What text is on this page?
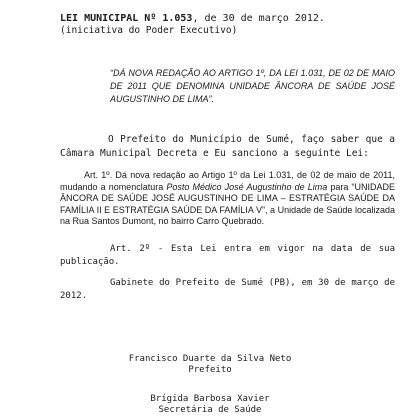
LEI MUNICIPAL Nº 1.053, de 30 de março 2012.
(iniciativa do Poder Executivo)
“DÁ NOVA REDAÇÃO AO ARTIGO 1º, DA LEI 1.031, DE 02 DE MAIO DE 2011 QUE DENOMINA UNIDADE ÂNCORA DE SAÚDE JOSÉ AUGUSTINHO DE LIMA”.
O Prefeito do Município de Sumé, faço saber que a Câmara Municipal Decreta e Eu sanciono a seguinte Lei:
Art. 1º. Dá nova redação ao Artigo 1º da Lei 1.031, de 02 de maio de 2011, mudando a nomenclatura Posto Médico José Augustinho de Lima para “UNIDADE ÂNCORA DE SAÚDE JOSÉ AUGUSTINHO DE LIMA – ESTRATÉGIA SAÚDE DA FAMÍLIA II E ESTRATÉGIA SAÚDE DA FAMÍLIA V”, a Unidade de Saúde localizada na Rua Santos Dumont, no bairro Carro Quebrado.
Art. 2º - Esta Lei entra em vigor na data de sua publicação.
Gabinete do Prefeito de Sumé (PB), em 30 de março de 2012.
Francisco Duarte da Silva Neto
Prefeito
Brígida Barbosa Xavier
Secretária de Saúde
